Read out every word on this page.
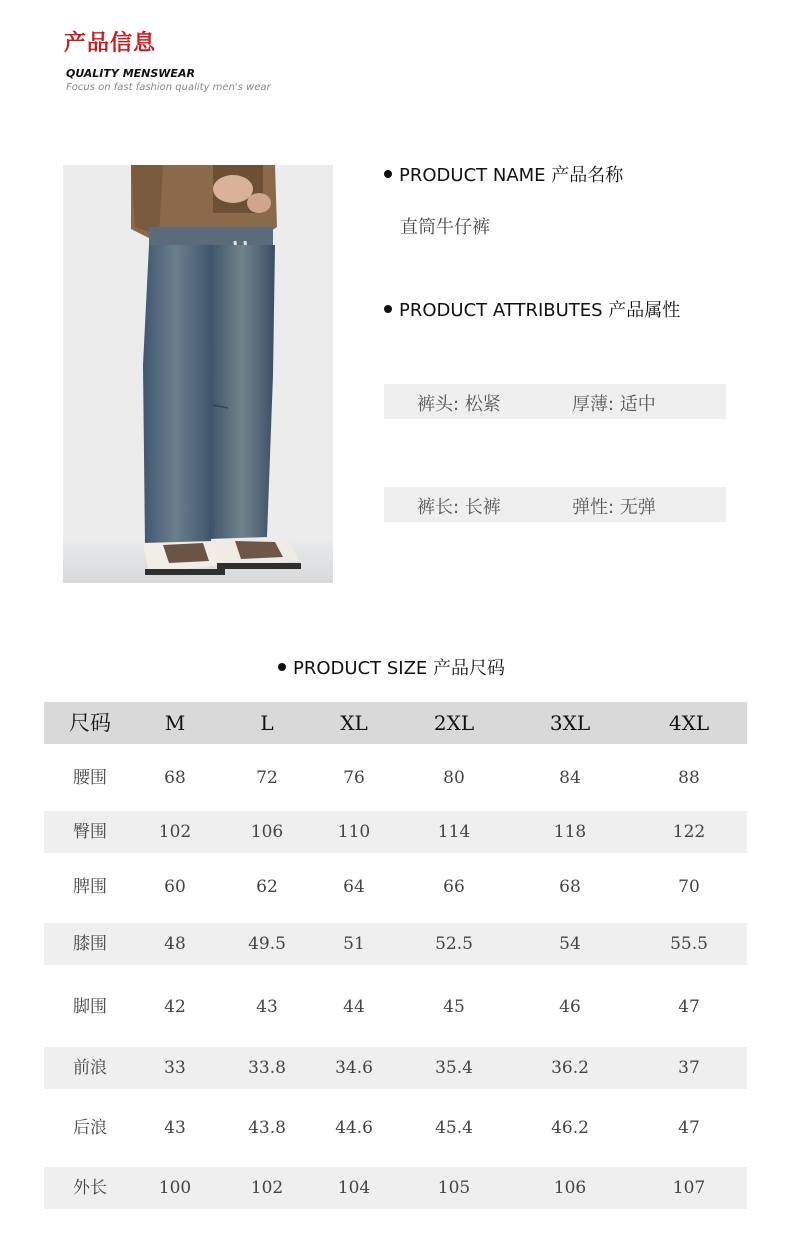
产品信息
QUALITY MENSWEAR
Focus on fast fashion quality men's wear
PRODUCT NAME 产品名称
直筒牛仔裤
PRODUCT ATTRIBUTES 产品属性
裤头: 松紧	厚薄: 适中
裤长: 长裤	弹性: 无弹
PRODUCT SIZE 产品尺码
尺码	M	L	XL	2XL	3XL	4XL
腰围	68	72	76	80	84	88
臀围	102	106	110	114	118	122
脾围	60	62	64	66	68	70
膝围	48	49.5	51	52.5	54	55.5
脚围	42	43	44	45	46	47
前浪	33	33.8	34.6	35.4	36.2	37
后浪	43	43.8	44.6	45.4	46.2	47
外长	100	102	104	105	106	107
